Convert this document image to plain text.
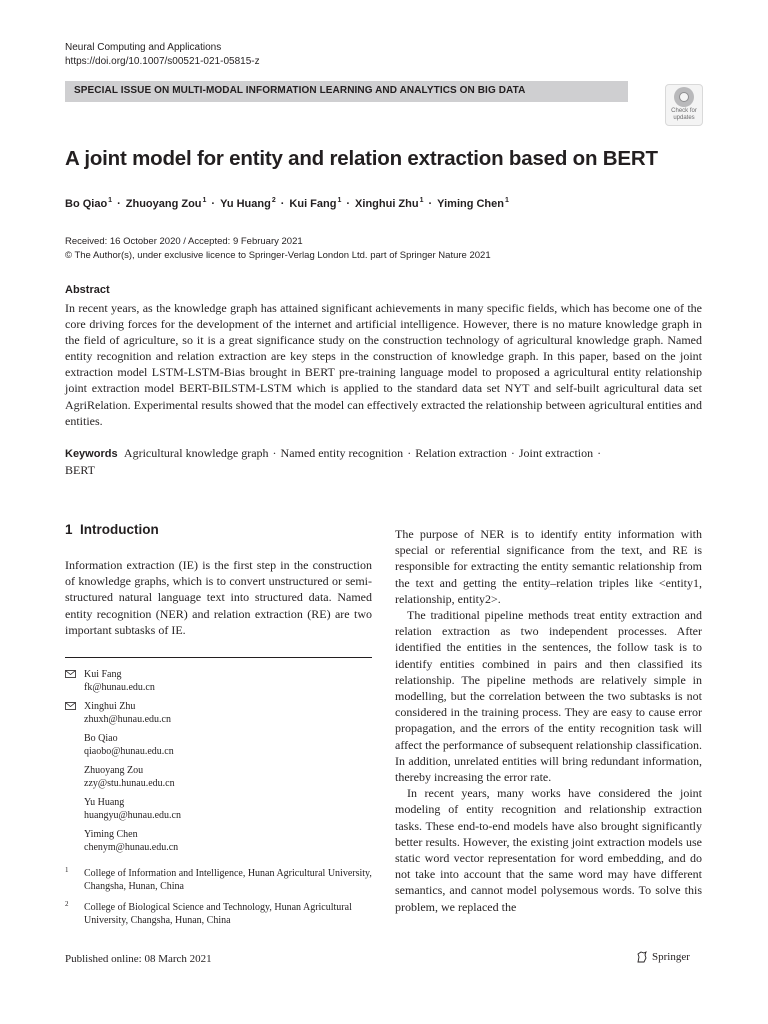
Neural Computing and Applications
https://doi.org/10.1007/s00521-021-05815-z
SPECIAL ISSUE ON MULTI-MODAL INFORMATION LEARNING AND ANALYTICS ON BIG DATA
Check for
updates
A joint model for entity and relation extraction based on BERT
Bo Qiao$^1$ · Zhuoyang Zou$^1$ · Yu Huang$^2$ · Kui Fang$^1$ · Xinghui Zhu$^1$ · Yiming Chen$^1$
Received: 16 October 2020 / Accepted: 9 February 2021
© The Author(s), under exclusive licence to Springer-Verlag London Ltd. part of Springer Nature 2021
Abstract
In recent years, as the knowledge graph has attained significant achievements in many specific fields, which has become one of the core driving forces for the development of the internet and artificial intelligence. However, there is no mature knowledge graph in the field of agriculture, so it is a great significance study on the construction technology of agricultural knowledge graph. Named entity recognition and relation extraction are key steps in the construction of knowledge graph. In this paper, based on the joint extraction model LSTM-LSTM-Bias brought in BERT pre-training language model to proposed a agricultural entity relationship joint extraction model BERT-BILSTM-LSTM which is applied to the standard data set NYT and self-built agricultural data set AgriRelation. Experimental results showed that the model can effectively extracted the relationship between agricultural entities and entities.
Keywords Agricultural knowledge graph · Named entity recognition · Relation extraction · Joint extraction ·
BERT
1 Introduction

Information extraction (IE) is the first step in the construction of knowledge graphs, which is to convert unstructured or semi-structured natural language text into structured data. Named entity recognition (NER) and relation extraction (RE) are two important subtasks of IE.

Kui Fang
fk@hunau.edu.cn
Xinghui Zhu
zhuxh@hunau.edu.cn
Bo Qiao
qiaobo@hunau.edu.cn
Zhuoyang Zou
zzy@stu.hunau.edu.cn
Yu Huang
huangyu@hunau.edu.cn
Yiming Chen
chenym@hunau.edu.cn
1 College of Information and Intelligence, Hunan Agricultural University, Changsha, Hunan, China
2 College of Biological Science and Technology, Hunan Agricultural University, Changsha, Hunan, China

The purpose of NER is to identify entity information with special or referential significance from the text, and RE is responsible for extracting the entity semantic relationship from the text and getting the entity–relation triples like <entity1, relationship, entity2>.

The traditional pipeline methods treat entity extraction and relation extraction as two independent processes. After identified the entities in the sentences, the follow task is to identify entities combined in pairs and then classified its relationship. The pipeline methods are relatively simple in modelling, but the correlation between the two subtasks is not considered in the training process. They are easy to cause error propagation, and the errors of the entity recognition task will affect the performance of subsequent relationship classification. In addition, unrelated entities will bring redundant information, thereby increasing the error rate.

In recent years, many works have considered the joint modeling of entity recognition and relationship extraction tasks. These end-to-end models have also brought significantly better results. However, the existing joint extraction models use static word vector representation for word embedding, and do not take into account that the same word may have different semantics, and cannot model polysemous words. To solve this problem, we replaced the

Published online: 08 March 2021	Springer
